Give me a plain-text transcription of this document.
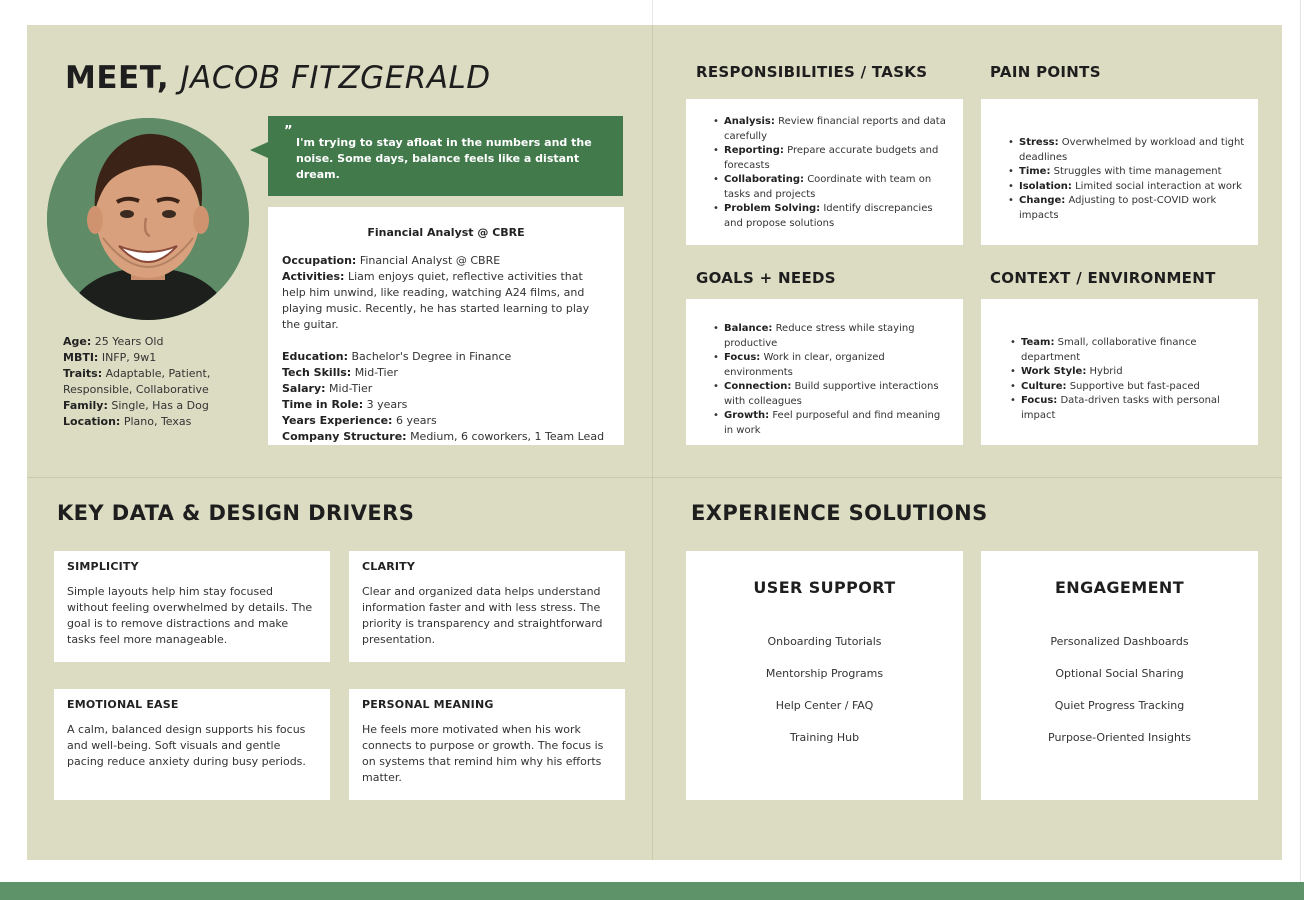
MEET, JACOB FITZGERALD
Age: 25 Years Old
MBTI: INFP, 9w1
Traits: Adaptable, Patient, Responsible, Collaborative
Family: Single, Has a Dog
Location: Plano, Texas
”
I'm trying to stay afloat in the numbers and the noise. Some days, balance feels like a distant dream.
Financial Analyst @ CBRE
Occupation: Financial Analyst @ CBRE
Activities: Liam enjoys quiet, reflective activities that help him unwind, like reading, watching A24 films, and playing music. Recently, he has started learning to play the guitar.
Education: Bachelor's Degree in Finance
Tech Skills: Mid-Tier
Salary: Mid-Tier
Time in Role: 3 years
Years Experience: 6 years
Company Structure: Medium, 6 coworkers, 1 Team Lead
RESPONSIBILITIES / TASKS
• Analysis: Review financial reports and data carefully
• Reporting: Prepare accurate budgets and forecasts
• Collaborating: Coordinate with team on tasks and projects
• Problem Solving: Identify discrepancies and propose solutions
PAIN POINTS
• Stress: Overwhelmed by workload and tight deadlines
• Time: Struggles with time management
• Isolation: Limited social interaction at work
• Change: Adjusting to post-COVID work impacts
GOALS + NEEDS
• Balance: Reduce stress while staying productive
• Focus: Work in clear, organized environments
• Connection: Build supportive interactions with colleagues
• Growth: Feel purposeful and find meaning in work
CONTEXT / ENVIRONMENT
• Team: Small, collaborative finance department
• Work Style: Hybrid
• Culture: Supportive but fast-paced
• Focus: Data-driven tasks with personal impact
KEY DATA & DESIGN DRIVERS
SIMPLICITY
Simple layouts help him stay focused without feeling overwhelmed by details. The goal is to remove distractions and make tasks feel more manageable.
CLARITY
Clear and organized data helps understand information faster and with less stress. The priority is transparency and straightforward presentation.
EMOTIONAL EASE
A calm, balanced design supports his focus and well-being. Soft visuals and gentle pacing reduce anxiety during busy periods.
PERSONAL MEANING
He feels more motivated when his work connects to purpose or growth. The focus is on systems that remind him why his efforts matter.
EXPERIENCE SOLUTIONS
USER SUPPORT
Onboarding Tutorials
Mentorship Programs
Help Center / FAQ
Training Hub
ENGAGEMENT
Personalized Dashboards
Optional Social Sharing
Quiet Progress Tracking
Purpose-Oriented Insights
